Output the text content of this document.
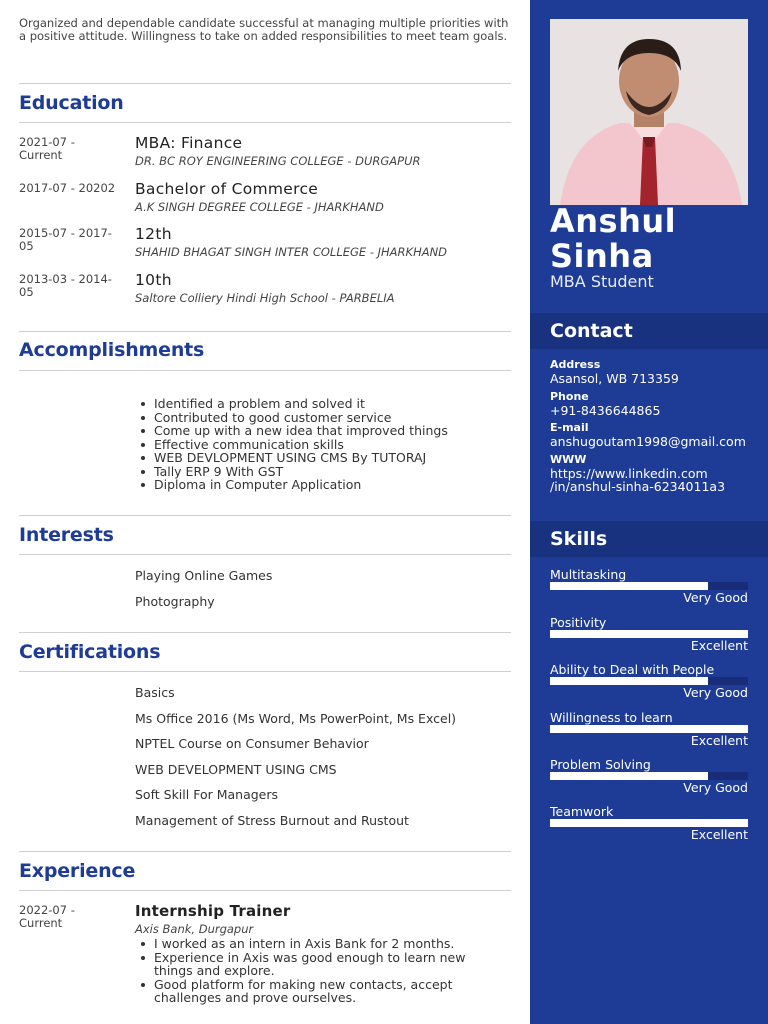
Organized and dependable candidate successful at managing multiple priorities with a positive attitude. Willingness to take on added responsibilities to meet team goals.

Education
2021-07 - Current
MBA: Finance
DR. BC ROY ENGINEERING COLLEGE - DURGAPUR
2017-07 - 20202 Bachelor of Commerce
A.K SINGH DEGREE COLLEGE - JHARKHAND
2015-07 - 2017-05
12th
SHAHID BHAGAT SINGH INTER COLLEGE - JHARKHAND
2013-03 - 2014-05
10th
Saltore Colliery Hindi High School - PARBELIA
Accomplishments
Identified a problem and solved it
Contributed to good customer service
Come up with a new idea that improved things
Effective communication skills
WEB DEVLOPMENT USING CMS By TUTORAJ
Tally ERP 9 With GST
Diploma in Computer Application
Interests
Playing Online Games
Photography
Certifications
Basics
Ms Office 2016 (Ms Word, Ms PowerPoint, Ms Excel)
NPTEL Course on Consumer Behavior
WEB DEVELOPMENT USING CMS
Soft Skill For Managers
Management of Stress Burnout and Rustout
Experience
2022-07 - Current
Internship Trainer
Axis Bank, Durgapur
I worked as an intern in Axis Bank for 2 months.
Experience in Axis was good enough to learn new things and explore.
Good platform for making new contacts, accept challenges and prove ourselves.
Anshul
Sinha
MBA Student
Contact
Address
Asansol, WB 713359
Phone
+91-8436644865
E-mail
anshugoutam1998@gmail.com
WWW
https://www.linkedin.com
/in/anshul-sinha-6234011a3
Skills
Multitasking
Very Good
Positivity
Excellent
Ability to Deal with People
Very Good
Willingness to learn
Excellent
Problem Solving
Very Good
Teamwork
Excellent
